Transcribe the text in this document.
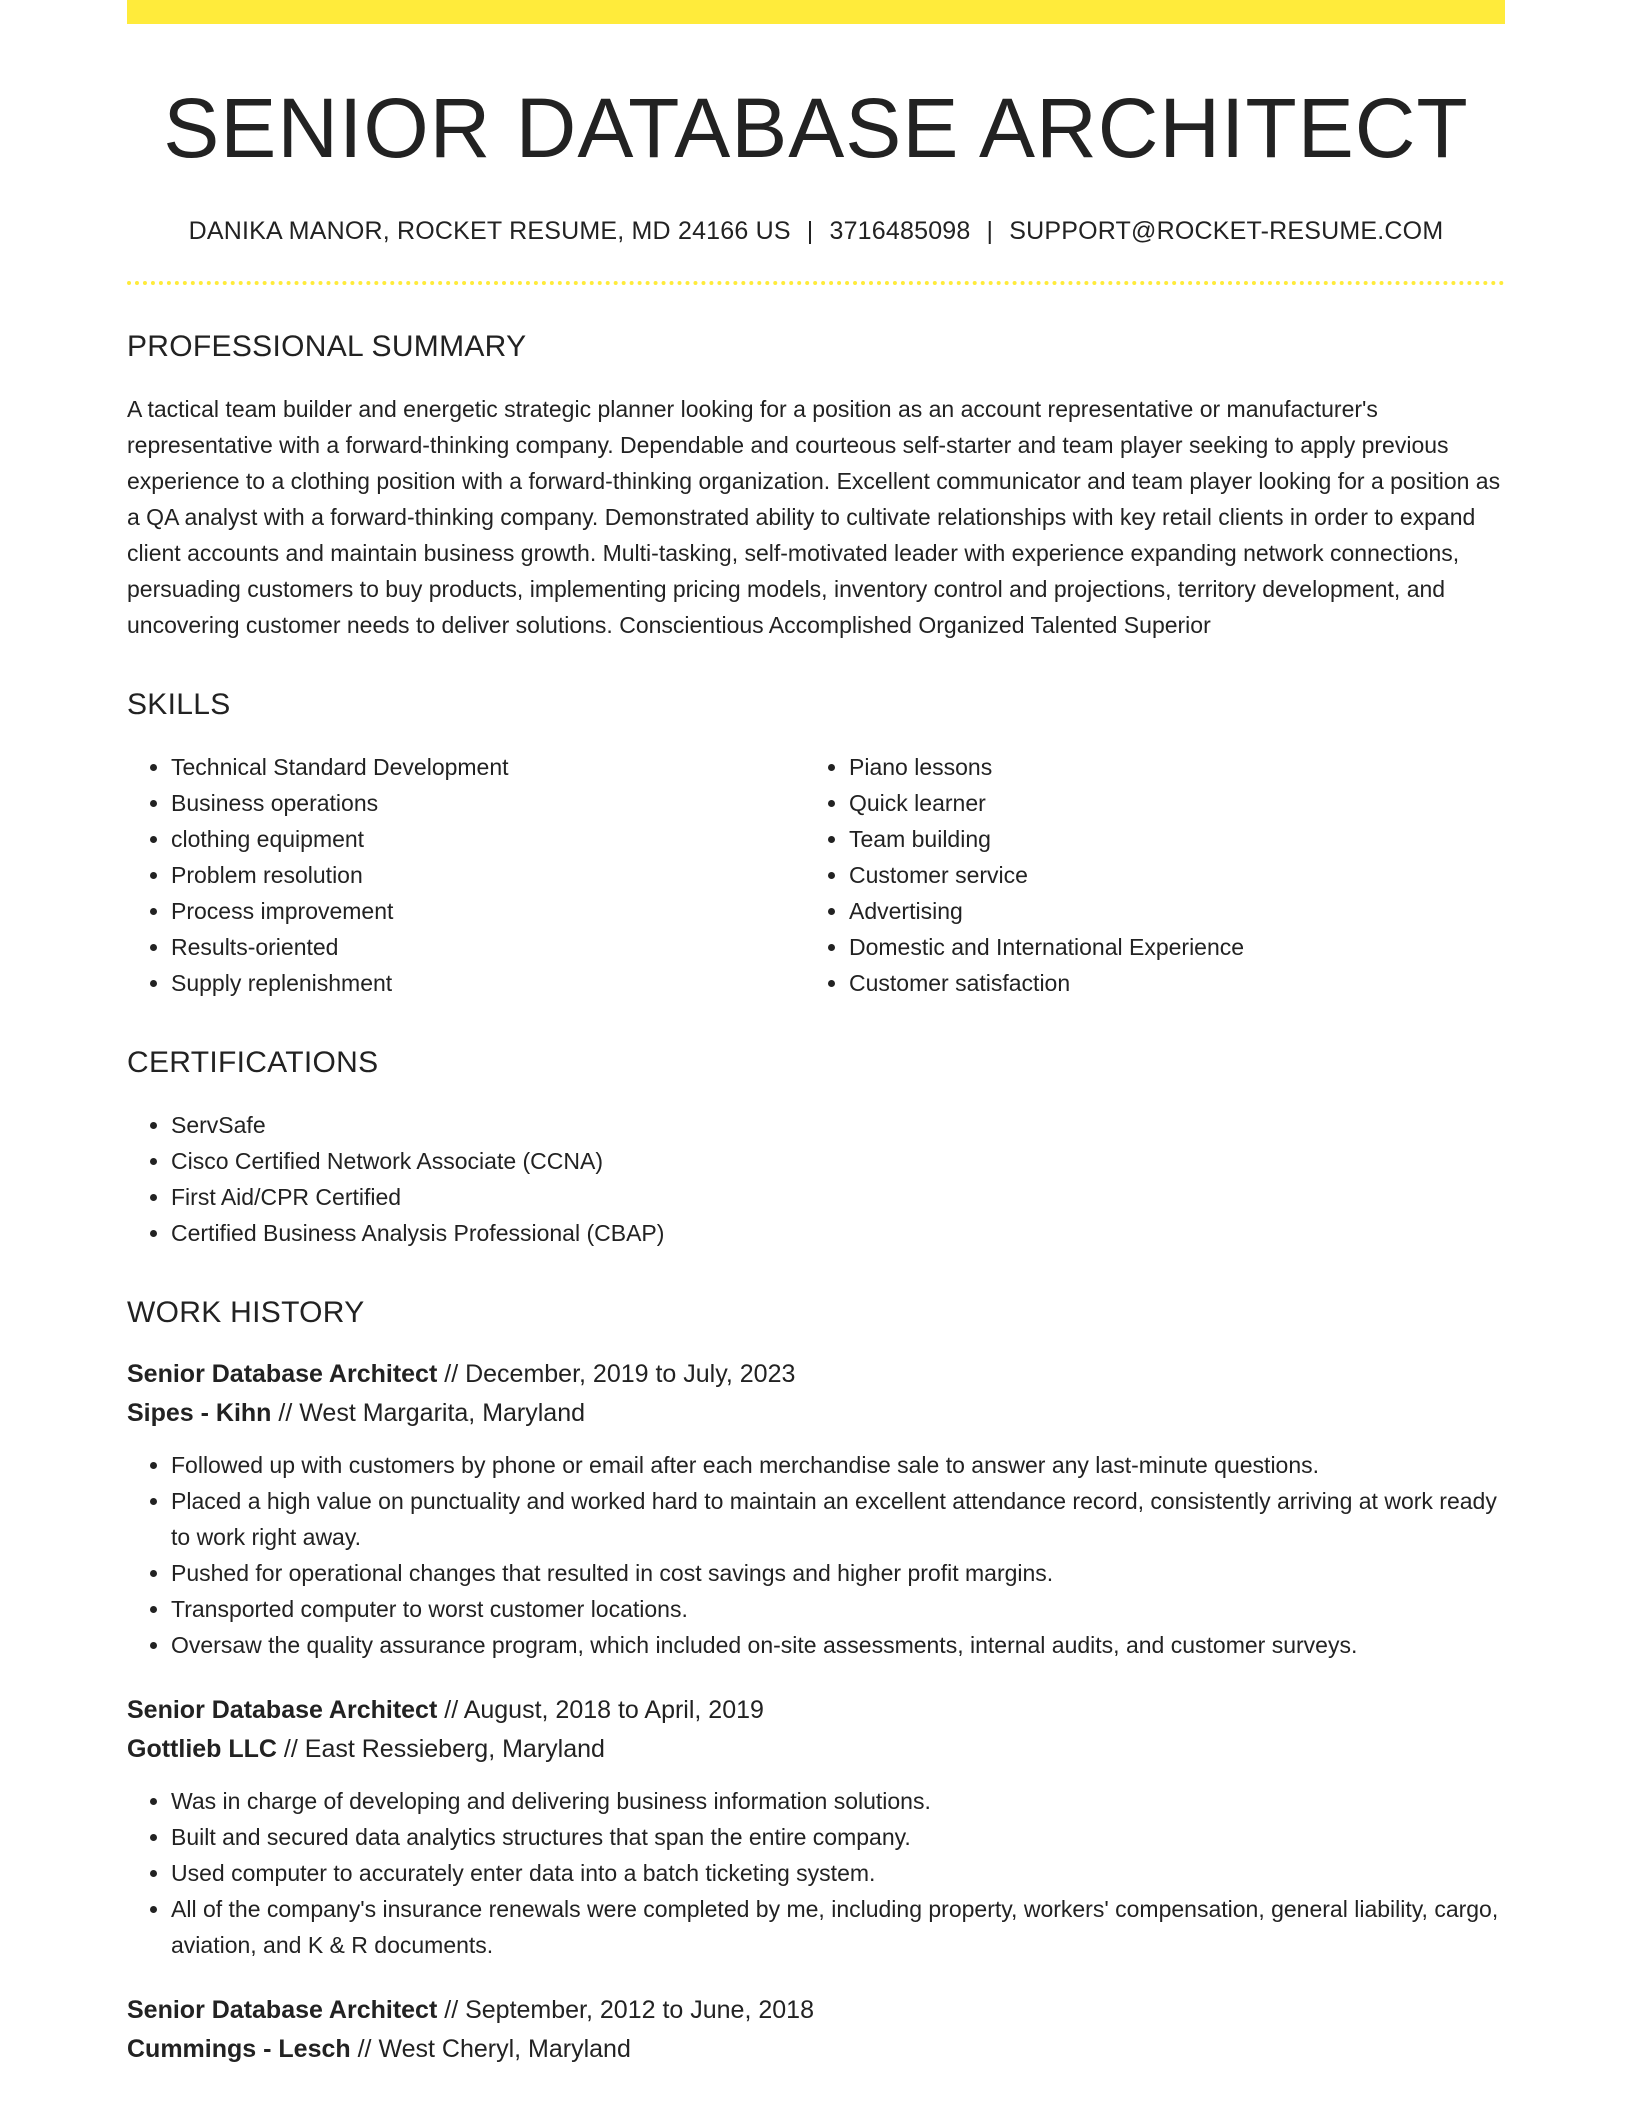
SENIOR DATABASE ARCHITECT
DANIKA MANOR, ROCKET RESUME, MD 24166 US | 3716485098 | SUPPORT@ROCKET-RESUME.COM
PROFESSIONAL SUMMARY

A tactical team builder and energetic strategic planner looking for a position as an account representative or manufacturer's representative with a forward-thinking company. Dependable and courteous self-starter and team player seeking to apply previous experience to a clothing position with a forward-thinking organization. Excellent communicator and team player looking for a position as a QA analyst with a forward-thinking company. Demonstrated ability to cultivate relationships with key retail clients in order to expand client accounts and maintain business growth. Multi-tasking, self-motivated leader with experience expanding network connections, persuading customers to buy products, implementing pricing models, inventory control and projections, territory development, and uncovering customer needs to deliver solutions. Conscientious Accomplished Organized Talented Superior

SKILLS
• Technical Standard Development
• Business operations
• clothing equipment
• Problem resolution
• Process improvement
• Results-oriented
• Supply replenishment
• Piano lessons
• Quick learner
• Team building
• Customer service
• Advertising
• Domestic and International Experience
• Customer satisfaction
CERTIFICATIONS
• ServSafe
• Cisco Certified Network Associate (CCNA)
• First Aid/CPR Certified
• Certified Business Analysis Professional (CBAP)
WORK HISTORY
Senior Database Architect // December, 2019 to July, 2023
Sipes - Kihn // West Margarita, Maryland
• Followed up with customers by phone or email after each merchandise sale to answer any last-minute questions.
• Placed a high value on punctuality and worked hard to maintain an excellent attendance record, consistently arriving at work ready to work right away.
• Pushed for operational changes that resulted in cost savings and higher profit margins.
• Transported computer to worst customer locations.
• Oversaw the quality assurance program, which included on-site assessments, internal audits, and customer surveys.
Senior Database Architect // August, 2018 to April, 2019
Gottlieb LLC // East Ressieberg, Maryland
• Was in charge of developing and delivering business information solutions.
• Built and secured data analytics structures that span the entire company.
• Used computer to accurately enter data into a batch ticketing system.
• All of the company's insurance renewals were completed by me, including property, workers' compensation, general liability, cargo, aviation, and K & R documents.
Senior Database Architect // September, 2012 to June, 2018
Cummings - Lesch // West Cheryl, Maryland
